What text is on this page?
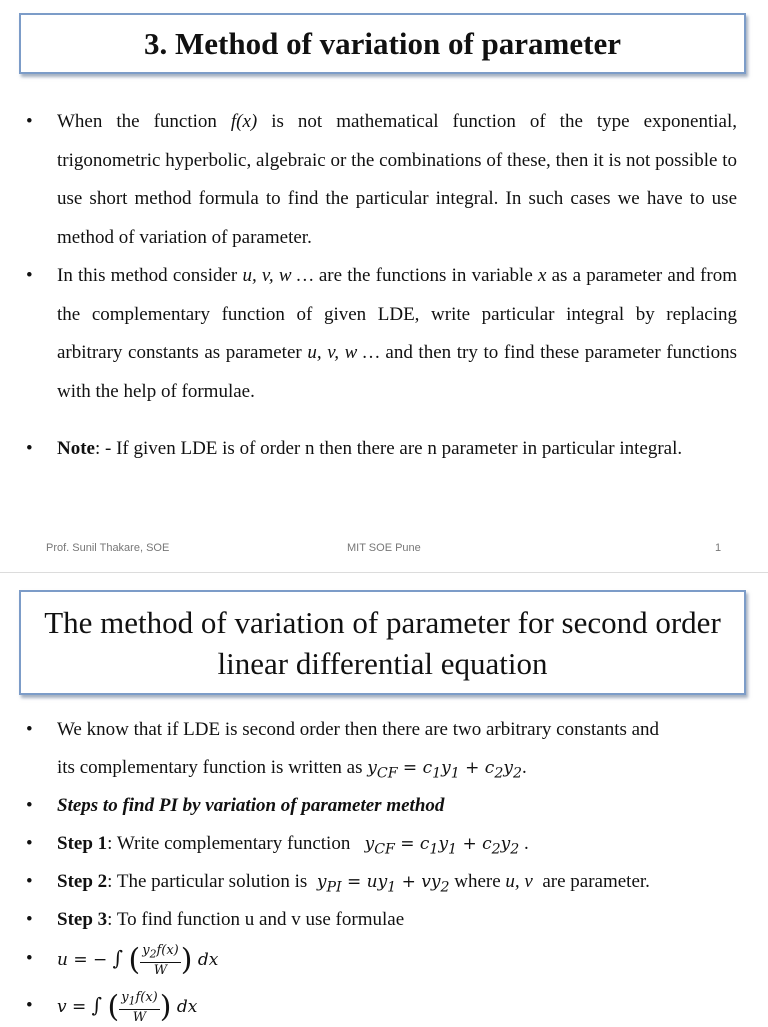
3. Method of variation of parameter
• When the function f(x) is not mathematical function of the type exponential, trigonometric hyperbolic, algebraic or the combinations of these, then it is not possible to use short method formula to find the particular integral. In such cases we have to use method of variation of parameter.
• In this method consider u, v, w … are the functions in variable x as a parameter and from the complementary function of given LDE, write particular integral by replacing arbitrary constants as parameter u, v, w … and then try to find these parameter functions with the help of formulae.
• Note: - If given LDE is of order n then there are n parameter in particular integral.
Prof. Sunil Thakare, SOE	MIT SOE Pune	1
The method of variation of parameter for second order linear differential equation
• We know that if LDE is second order then there are two arbitrary constants and
its complementary function is written as $y_{CF} = c_1y_1 + c_2y_2$.
• Steps to find PI by variation of parameter method
• Step 1: Write complementary function   $y_{CF} = c_1y_1 + c_2y_2$ .
• Step 2: The particular solution is  $y_{PI} = uy_1 + vy_2$ where u, v  are parameter.
• Step 3: To find function u and v use formulae
• u = − ∫ ( $\frac{y_2f(x)}{W}$ ) dx
• v = ∫ ( $\frac{y_1f(x)}{W}$ ) dx
